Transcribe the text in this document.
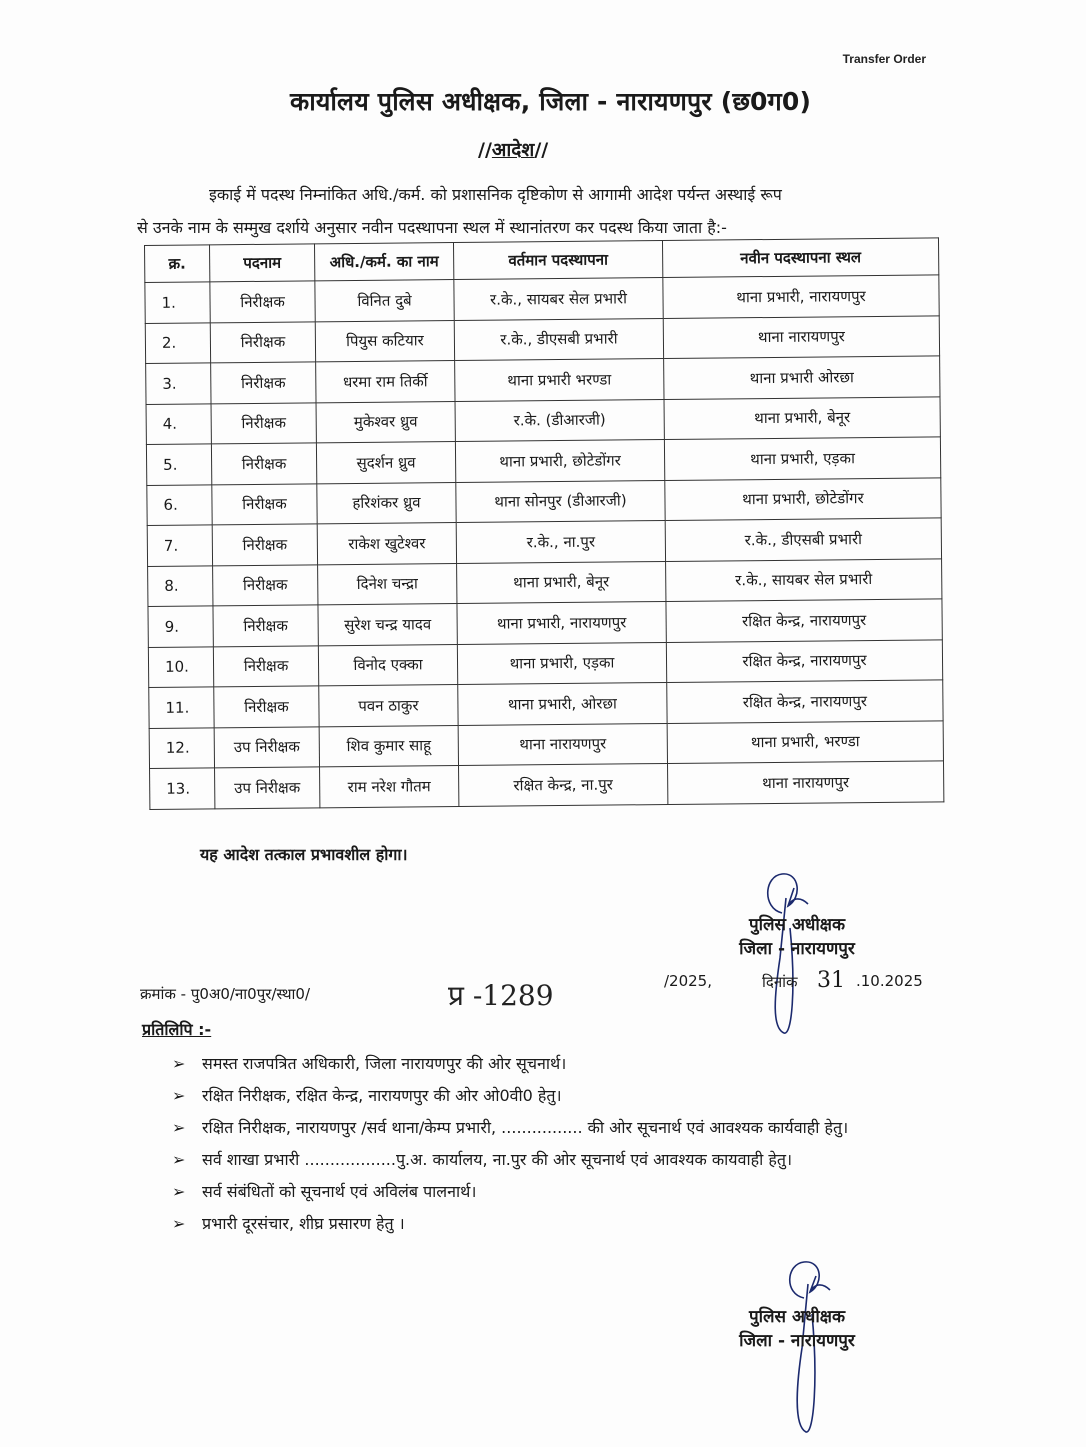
Transfer Order
कार्यालय पुलिस अधीक्षक, जिला - नारायणपुर (छ0ग0)
//आदेश//
इकाई में पदस्थ निम्नांकित अधि./कर्म. को प्रशासनिक दृष्टिकोण से आगामी आदेश पर्यन्त अस्थाई रूप
से उनके नाम के सम्मुख दर्शाये अनुसार नवीन पदस्थापना स्थल में स्थानांतरण कर पदस्थ किया जाता है:-
क्र.	पदनाम	अधि./कर्म. का नाम	वर्तमान पदस्थापना	नवीन पदस्थापना स्थल
1.	निरीक्षक	विनित दुबे	र.के., सायबर सेल प्रभारी	थाना प्रभारी, नारायणपुर
2.	निरीक्षक	पियुस कटियार	र.के., डीएसबी प्रभारी	थाना नारायणपुर
3.	निरीक्षक	धरमा राम तिर्की	थाना प्रभारी भरण्डा	थाना प्रभारी ओरछा
4.	निरीक्षक	मुकेश्वर ध्रुव	र.के. (डीआरजी)	थाना प्रभारी, बेनूर
5.	निरीक्षक	सुदर्शन ध्रुव	थाना प्रभारी, छोटेडोंगर	थाना प्रभारी, एड़का
6.	निरीक्षक	हरिशंकर ध्रुव	थाना सोनपुर (डीआरजी)	थाना प्रभारी, छोटेडोंगर
7.	निरीक्षक	राकेश खुटेश्वर	र.के., ना.पुर	र.के., डीएसबी प्रभारी
8.	निरीक्षक	दिनेश चन्द्रा	थाना प्रभारी, बेनूर	र.के., सायबर सेल प्रभारी
9.	निरीक्षक	सुरेश चन्द्र यादव	थाना प्रभारी, नारायणपुर	रक्षित केन्द्र, नारायणपुर
10.	निरीक्षक	विनोद एक्का	थाना प्रभारी, एड़का	रक्षित केन्द्र, नारायणपुर
11.	निरीक्षक	पवन ठाकुर	थाना प्रभारी, ओरछा	रक्षित केन्द्र, नारायणपुर
12.	उप निरीक्षक	शिव कुमार साहू	थाना नारायणपुर	थाना प्रभारी, भरण्डा
13.	उप निरीक्षक	राम नरेश गौतम	रक्षित केन्द्र, ना.पुर	थाना नारायणपुर
यह आदेश तत्काल प्रभावशील होगा।
पुलिस अधीक्षक
जिला - नारायणपुर
क्रमांक - पु0अ0/ना0पुर/स्था0/	प्र -1289	/2025,	दिनांक 31 .10.2025
प्रतिलिपि :-
➢ समस्त राजपत्रित अधिकारी, जिला नारायणपुर की ओर सूचनार्थ।
➢ रक्षित निरीक्षक, रक्षित केन्द्र, नारायणपुर की ओर ओ0वी0 हेतु।
➢ रक्षित निरीक्षक, नारायणपुर /सर्व थाना/केम्प प्रभारी, ................ की ओर सूचनार्थ एवं आवश्यक कार्यवाही हेतु।
➢ सर्व शाखा प्रभारी ..................पु.अ. कार्यालय, ना.पुर की ओर सूचनार्थ एवं आवश्यक कायवाही हेतु।
➢ सर्व संबंधितों को सूचनार्थ एवं अविलंब पालनार्थ।
➢ प्रभारी दूरसंचार, शीघ्र प्रसारण हेतु ।
पुलिस अधीक्षक
जिला - नारायणपुर
